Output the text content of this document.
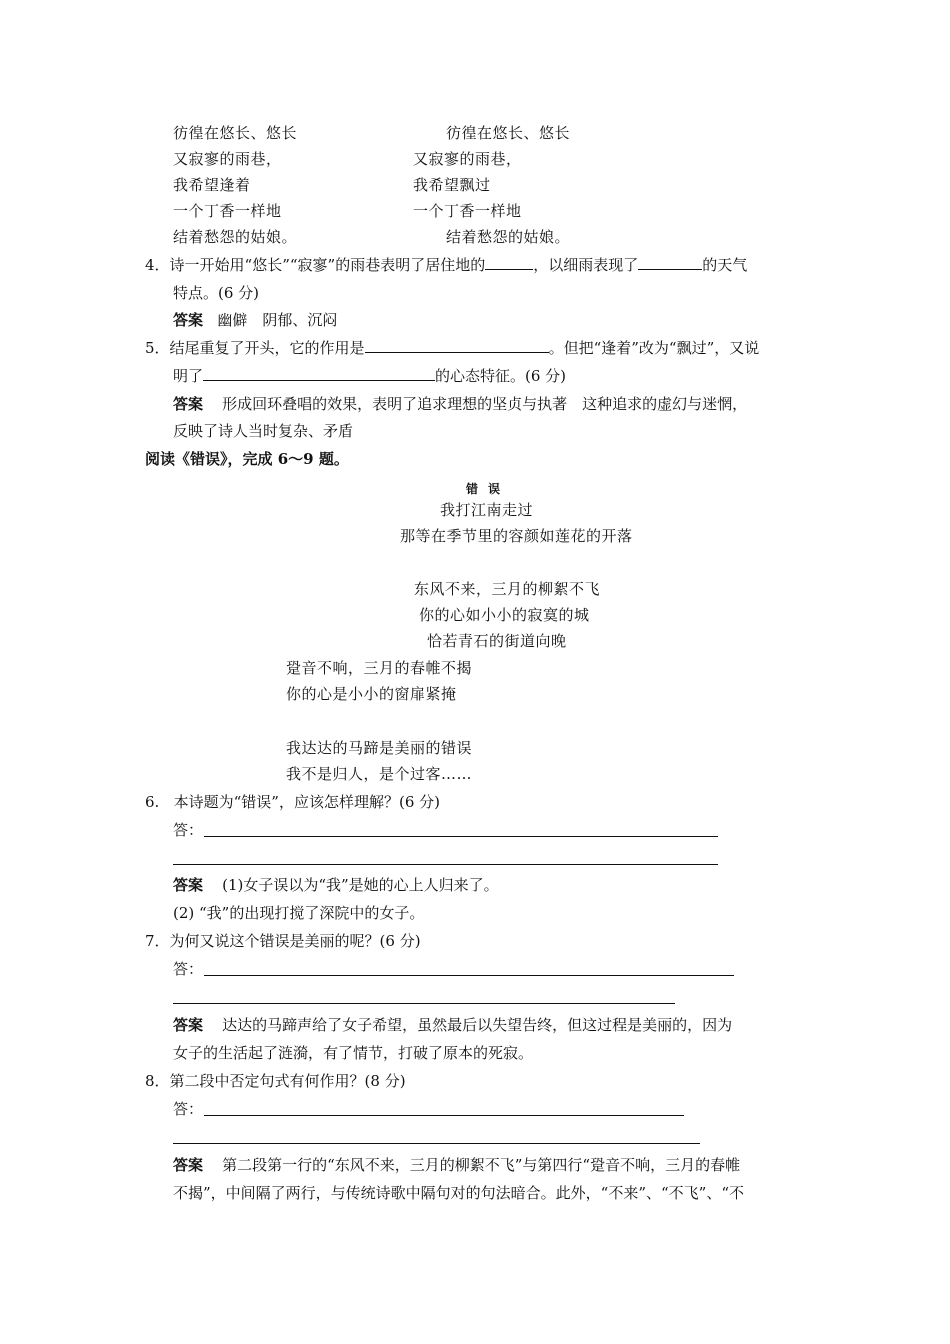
彷徨在悠长、悠长
又寂寥的雨巷，
我希望逢着
一个丁香一样地
结着愁怨的姑娘。
彷徨在悠长、悠长
又寂寥的雨巷，
我希望飘过
一个丁香一样地
结着愁怨的姑娘。
4．诗一开始用“悠长”“寂寥”的雨巷表明了居住地的	，以细雨表现了	的天气
特点。(6 分)
答案 幽僻　阴郁、沉闷
5．结尾重复了开头，它的作用是	。但把“逢着”改为“飘过”，又说
明了	的心态特征。(6 分)
答案 形成回环叠唱的效果，表明了追求理想的坚贞与执著　这种追求的虚幻与迷惘，
反映了诗人当时复杂、矛盾
阅读《错误》，完成 6～9 题。
错误
我打江南走过
那等在季节里的容颜如莲花的开落
东风不来，三月的柳絮不飞
你的心如小小的寂寞的城
恰若青石的街道向晚
跫音不响，三月的春帷不揭
你的心是小小的窗扉紧掩
我达达的马蹄是美丽的错误
我不是归人，是个过客……
6. 本诗题为“错误”，应该怎样理解？(6 分)
答：
答案 (1)女子误以为“我”是她的心上人归来了。
(2) “我”的出现打搅了深院中的女子。
7．为何又说这个错误是美丽的呢？(6 分)
答：
答案 达达的马蹄声给了女子希望，虽然最后以失望告终，但这过程是美丽的，因为
女子的生活起了涟漪，有了情节，打破了原本的死寂。
8．第二段中否定句式有何作用？(8 分)
答：
答案 第二段第一行的“东风不来，三月的柳絮不飞”与第四行“跫音不响，三月的春帷
不揭”，中间隔了两行，与传统诗歌中隔句对的句法暗合。此外，“不来”、“不飞”、“不
